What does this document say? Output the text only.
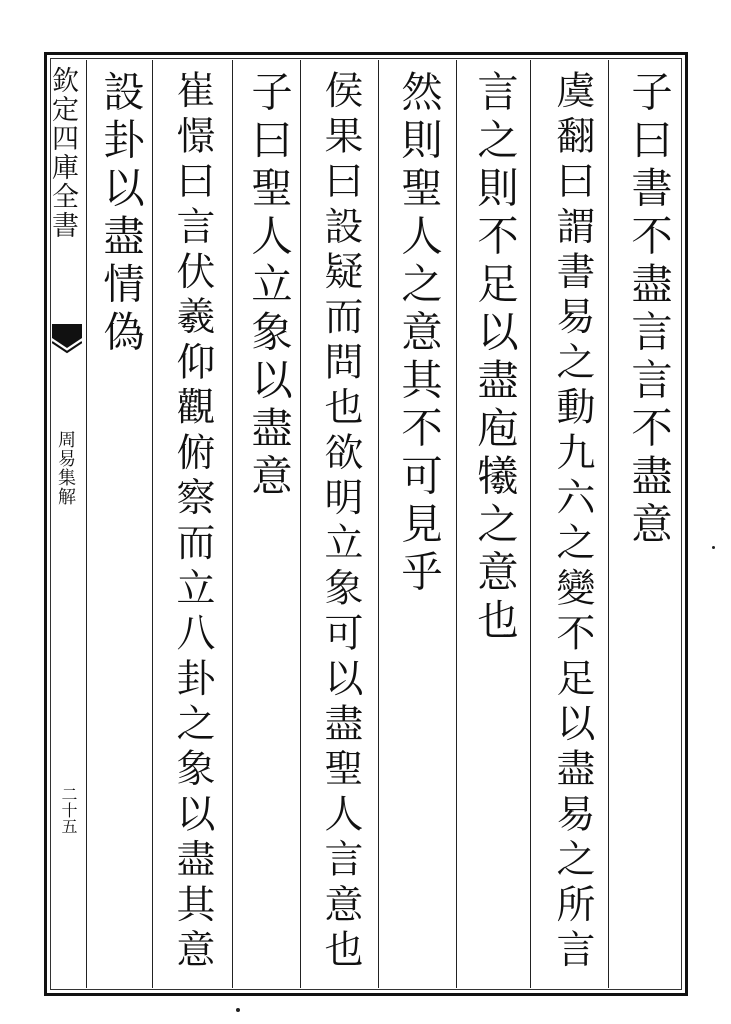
欽定四庫全書
周易集解
二十五
子曰書不盡言言不盡意
虞翻曰謂書易之動九六之變不足以盡易之所言
言之則不足以盡庖犧之意也
然則聖人之意其不可見乎
侯果曰設疑而問也欲明立象可以盡聖人言意也
子曰聖人立象以盡意
崔憬曰言伏羲仰觀俯察而立八卦之象以盡其意
設卦以盡情偽
